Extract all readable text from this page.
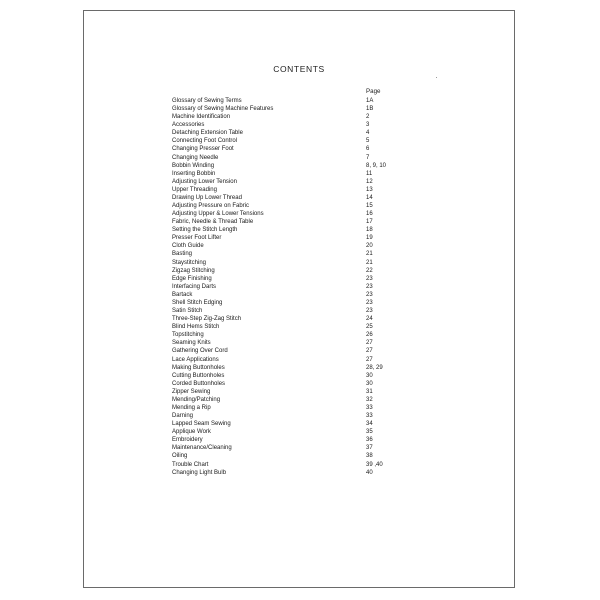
CONTENTS
Page
Glossary of Sewing Terms	1A
Glossary of Sewing Machine Features	1B
Machine Identification	2
Accessories	3
Detaching Extension Table	4
Connecting Foot Control	5
Changing Presser Foot	6
Changing Needle	7
Bobbin Winding	8, 9, 10
Inserting Bobbin	11
Adjusting Lower Tension	12
Upper Threading	13
Drawing Up Lower Thread	14
Adjusting Pressure on Fabric	15
Adjusting Upper & Lower Tensions	16
Fabric, Needle & Thread Table	17
Setting the Stitch Length	18
Presser Foot Lifter	19
Cloth Guide	20
Basting	21
Staystitching	21
Zigzag Stitching	22
Edge Finishing	23
Interfacing Darts	23
Bartack	23
Shell Stitch Edging	23
Satin Stitch	23
Three-Step Zig-Zag Stitch	24
Blind Hems Stitch	25
Topstitching	26
Seaming Knits	27
Gathering Over Cord	27
Lace Applications	27
Making Buttonholes	28, 29
Cutting Buttonholes	30
Corded Buttonholes	30
Zipper Sewing	31
Mending/Patching	32
Mending a Rip	33
Darning	33
Lapped Seam Sewing	34
Applique Work	35
Embroidery	36
Maintenance/Cleaning	37
Oiling	38
Trouble Chart	39 ,40
Changing Light Bulb	40
